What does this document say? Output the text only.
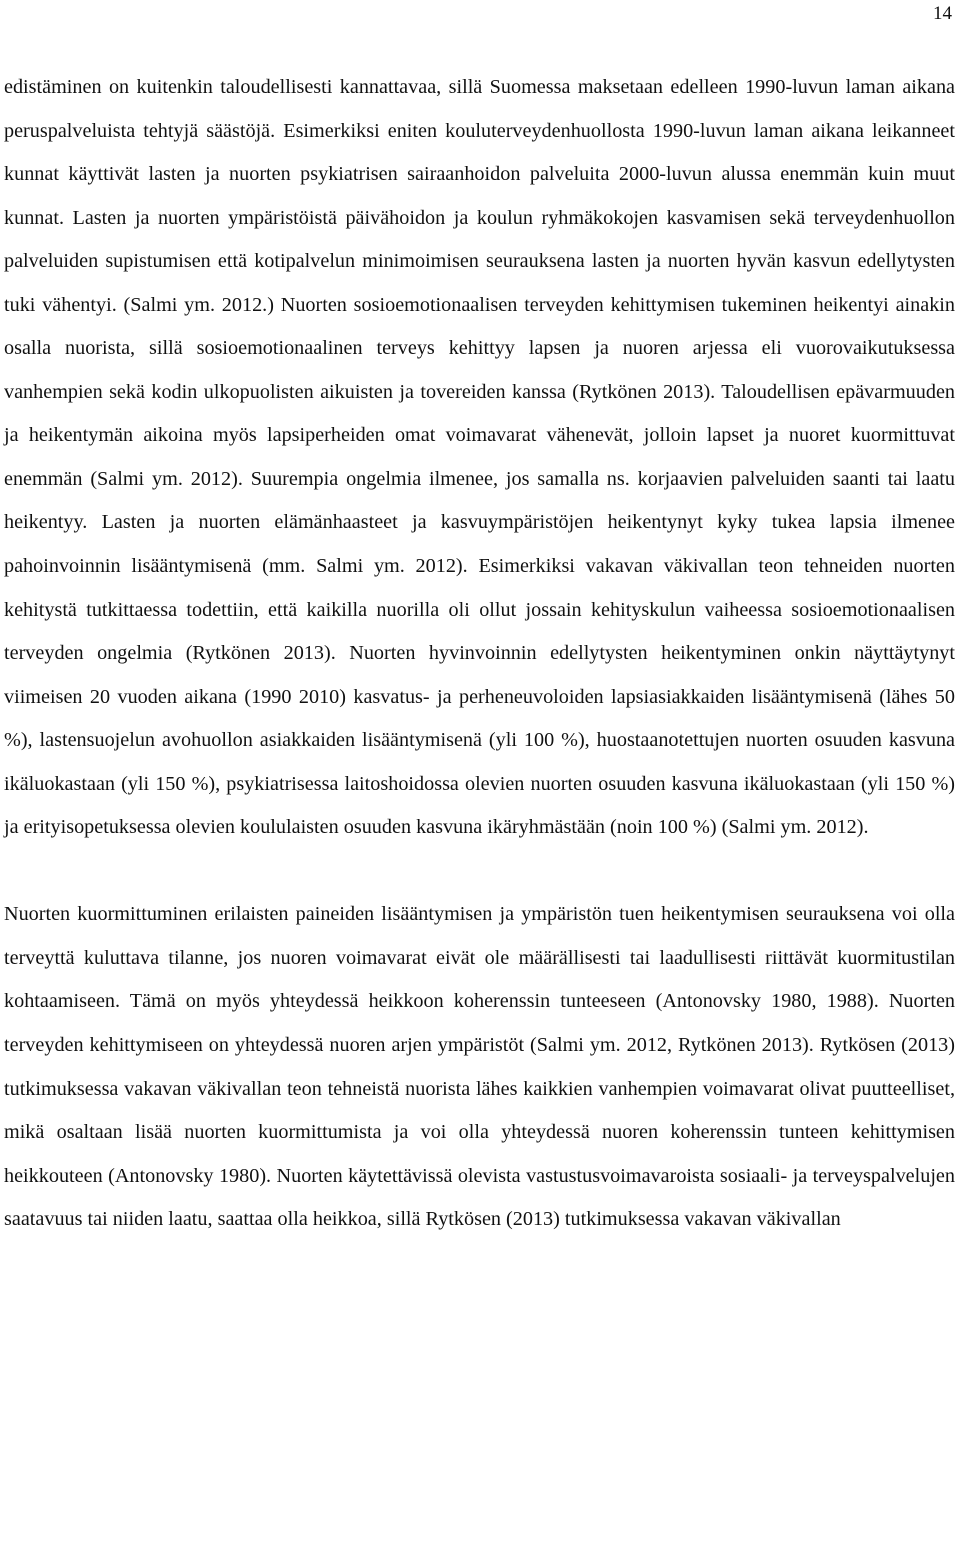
14

edistäminen on kuitenkin taloudellisesti kannattavaa, sillä Suomessa maksetaan edelleen 1990-luvun laman aikana peruspalveluista tehtyjä säästöjä. Esimerkiksi eniten kouluterveydenhuollosta 1990-luvun laman aikana leikanneet kunnat käyttivät lasten ja nuorten psykiatrisen sairaanhoidon palveluita 2000-luvun alussa enemmän kuin muut kunnat. Lasten ja nuorten ympäristöistä päivähoidon ja koulun ryhmäkokojen kasvamisen sekä terveydenhuollon palveluiden supistumisen että kotipalvelun minimoimisen seurauksena lasten ja nuorten hyvän kasvun edellytysten tuki vähentyi. (Salmi ym. 2012.) Nuorten sosioemotionaalisen terveyden kehittymisen tukeminen heikentyi ainakin osalla nuorista, sillä sosioemotionaalinen terveys kehittyy lapsen ja nuoren arjessa eli vuorovaikutuksessa vanhempien sekä kodin ulkopuolisten aikuisten ja tovereiden kanssa (Rytkönen 2013). Taloudellisen epävarmuuden ja heikentymän aikoina myös lapsiperheiden omat voimavarat vähenevät, jolloin lapset ja nuoret kuormittuvat enemmän (Salmi ym. 2012). Suurempia ongelmia ilmenee, jos samalla ns. korjaavien palveluiden saanti tai laatu heikentyy. Lasten ja nuorten elämänhaasteet ja kasvuympäristöjen heikentynyt kyky tukea lapsia ilmenee pahoinvoinnin lisääntymisenä (mm. Salmi ym. 2012). Esimerkiksi vakavan väkivallan teon tehneiden nuorten kehitystä tutkittaessa todettiin, että kaikilla nuorilla oli ollut jossain kehityskulun vaiheessa sosioemotionaalisen terveyden ongelmia (Rytkönen 2013). Nuorten hyvinvoinnin edellytysten heikentyminen onkin näyttäytynyt viimeisen 20 vuoden aikana (1990 2010) kasvatus- ja perheneuvoloiden lapsiasiakkaiden lisääntymisenä (lähes 50 %), lastensuojelun avohuollon asiakkaiden lisääntymisenä (yli 100 %), huostaanotettujen nuorten osuuden kasvuna ikäluokastaan (yli 150 %), psykiatrisessa laitoshoidossa olevien nuorten osuuden kasvuna ikäluokastaan (yli 150 %) ja erityisopetuksessa olevien koululaisten osuuden kasvuna ikäryhmästään (noin 100 %) (Salmi ym. 2012).

Nuorten kuormittuminen erilaisten paineiden lisääntymisen ja ympäristön tuen heikentymisen seurauksena voi olla terveyttä kuluttava tilanne, jos nuoren voimavarat eivät ole määrällisesti tai laadullisesti riittävät kuormitustilan kohtaamiseen. Tämä on myös yhteydessä heikkoon koherenssin tunteeseen (Antonovsky 1980, 1988). Nuorten terveyden kehittymiseen on yhteydessä nuoren arjen ympäristöt (Salmi ym. 2012, Rytkönen 2013). Rytkösen (2013) tutkimuksessa vakavan väkivallan teon tehneistä nuorista lähes kaikkien vanhempien voimavarat olivat puutteelliset, mikä osaltaan lisää nuorten kuormittumista ja voi olla yhteydessä nuoren koherenssin tunteen kehittymisen heikkouteen (Antonovsky 1980). Nuorten käytettävissä olevista vastustusvoimavaroista sosiaali- ja terveyspalvelujen saatavuus tai niiden laatu, saattaa olla heikkoa, sillä Rytkösen (2013) tutkimuksessa vakavan väkivallan
